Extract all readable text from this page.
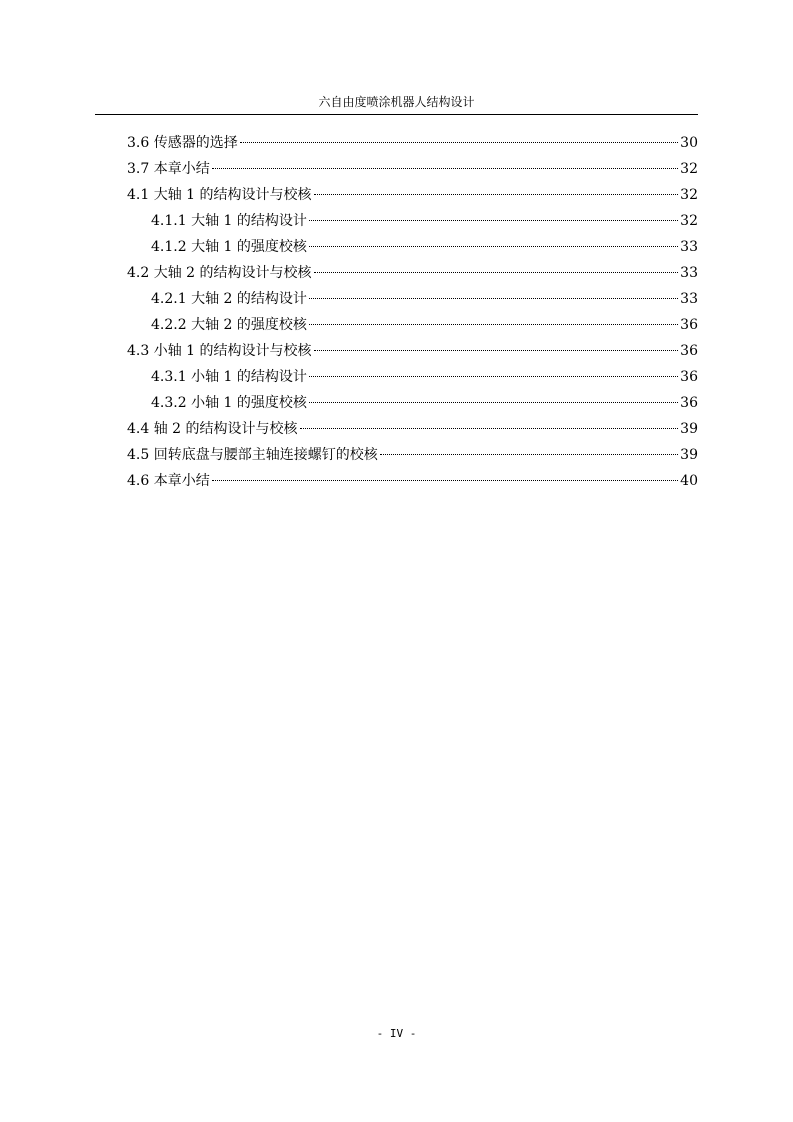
六自由度喷涂机器人结构设计
3.6 传感器的选择	30
3.7 本章小结	32
4.1 大轴 1 的结构设计与校核	32
4.1.1 大轴 1 的结构设计	32
4.1.2 大轴 1 的强度校核	33
4.2 大轴 2 的结构设计与校核	33
4.2.1 大轴 2 的结构设计	33
4.2.2 大轴 2 的强度校核	36
4.3 小轴 1 的结构设计与校核	36
4.3.1 小轴 1 的结构设计	36
4.3.2 小轴 1 的强度校核	36
4.4 轴 2 的结构设计与校核	39
4.5 回转底盘与腰部主轴连接螺钉的校核	39
4.6 本章小结	40
- IV -
